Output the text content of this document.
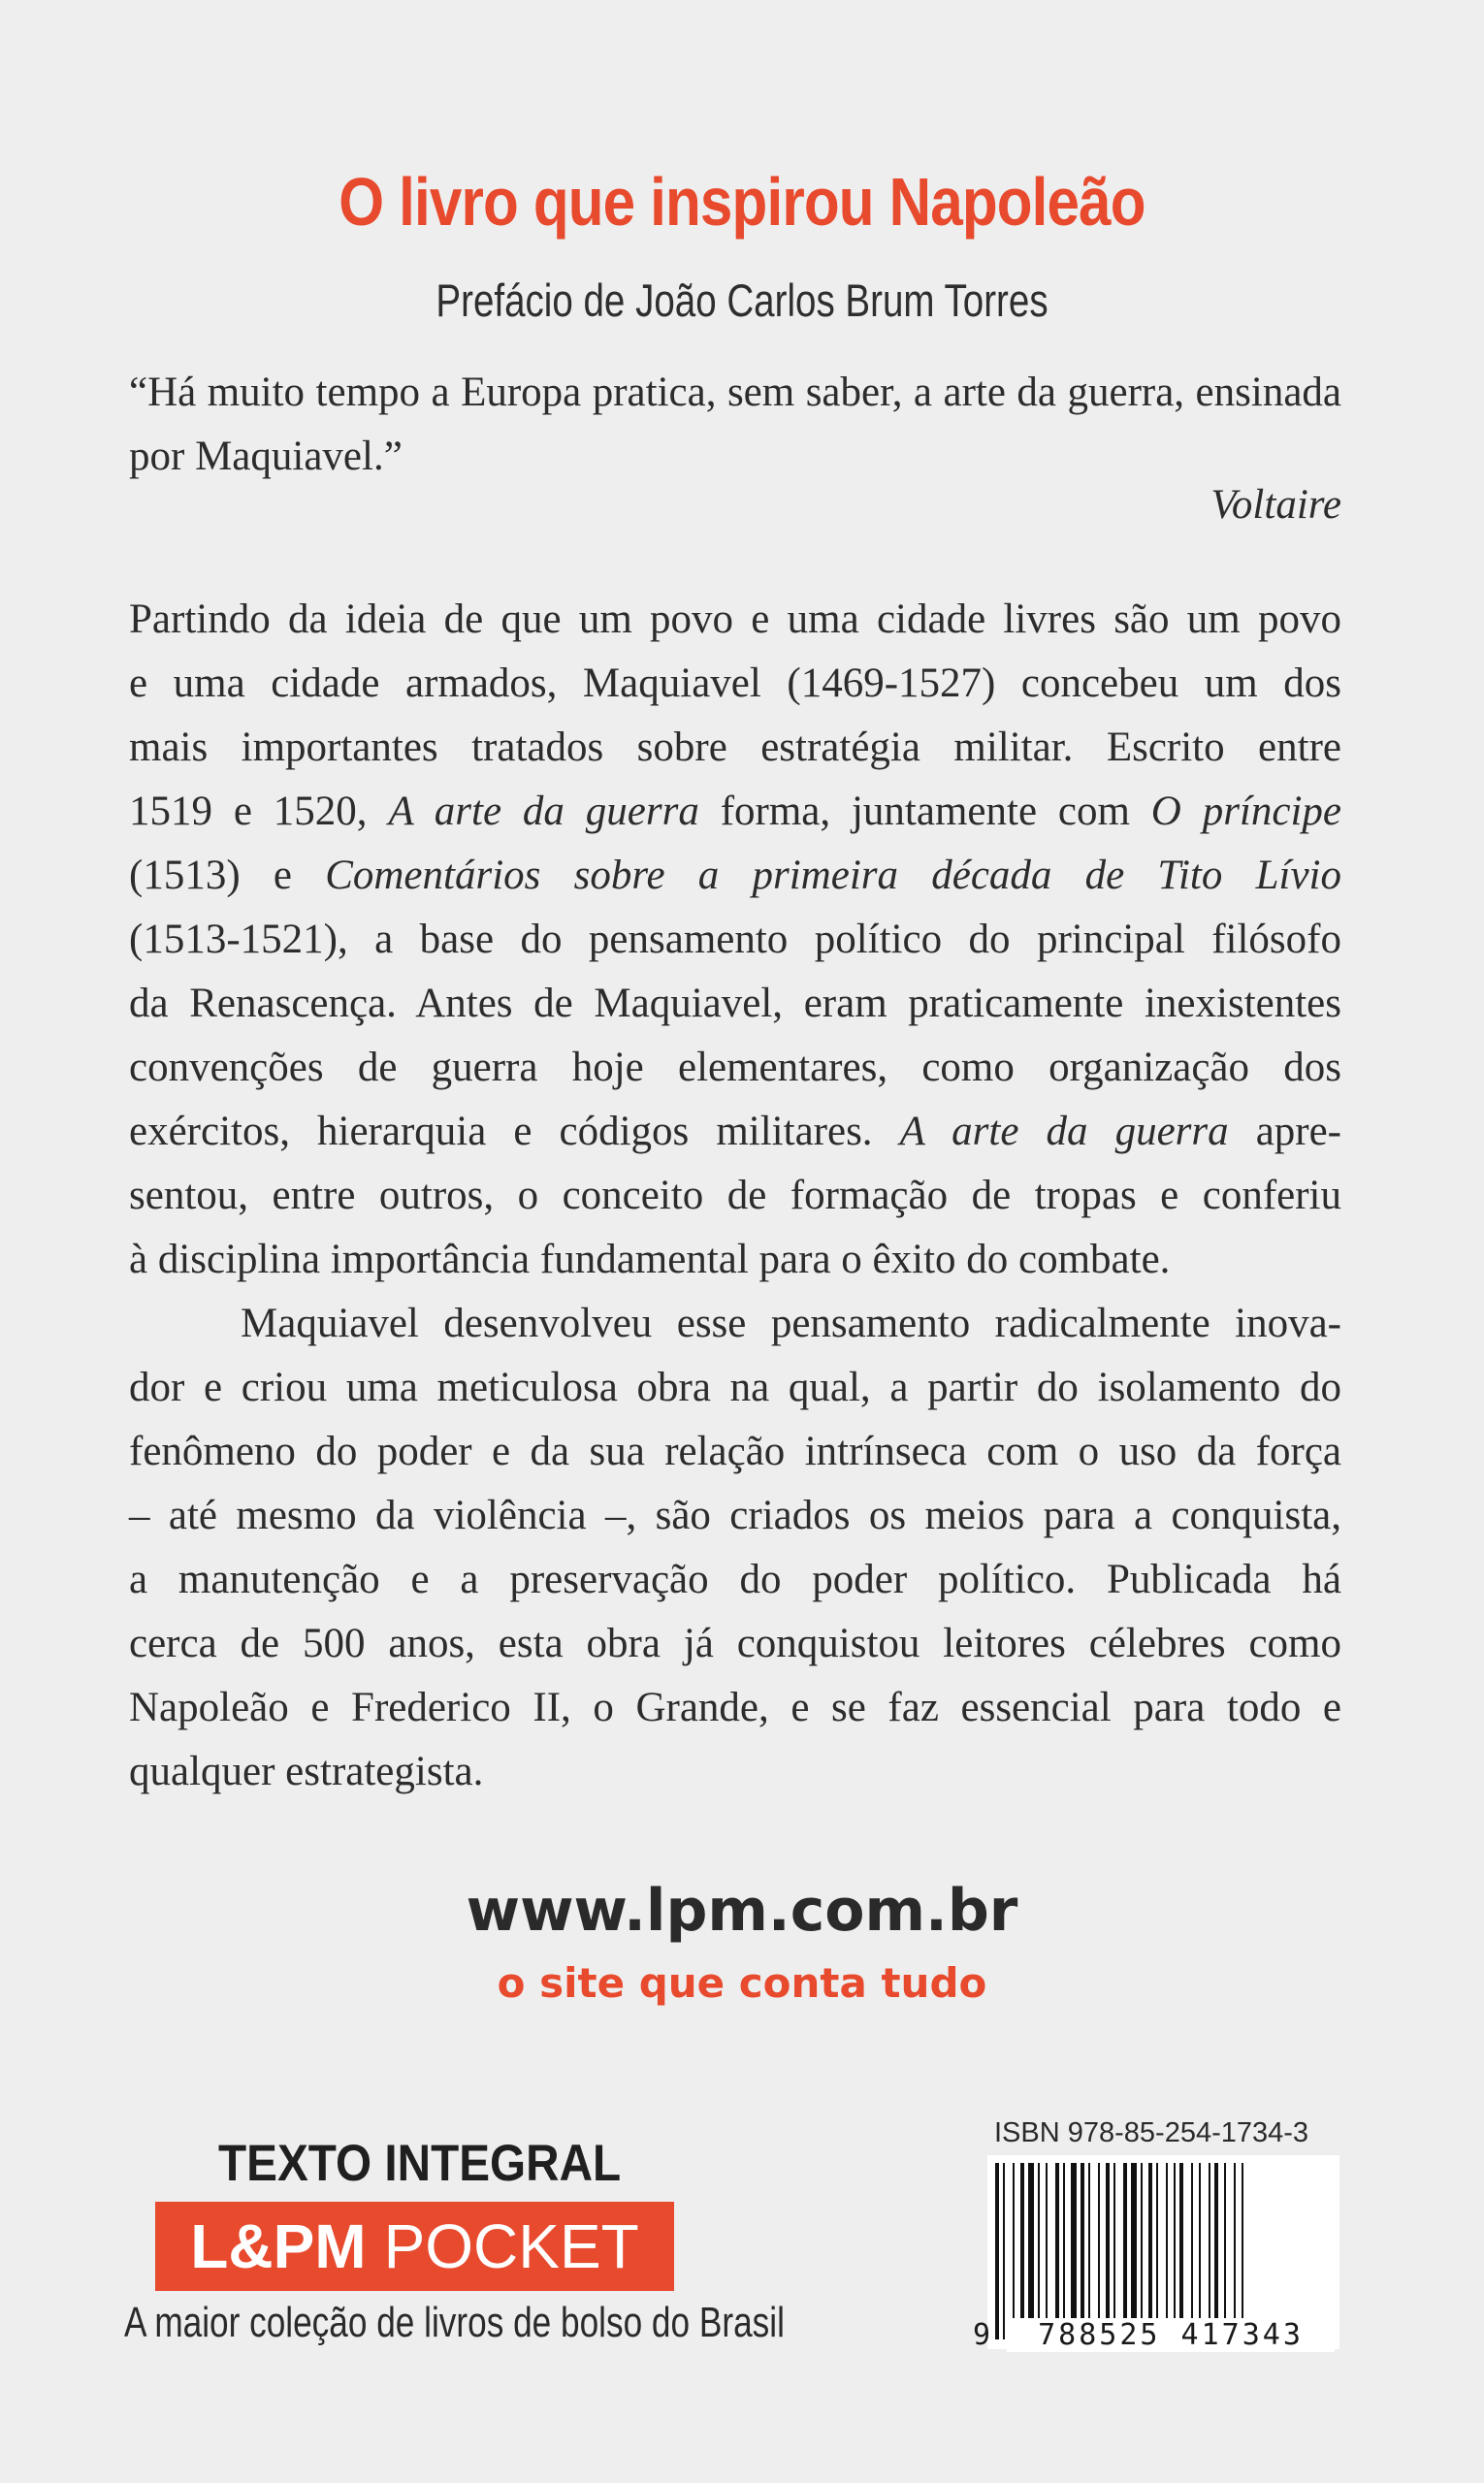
O livro que inspirou Napoleão
Prefácio de João Carlos Brum Torres
“Há muito tempo a Europa pratica, sem saber, a arte da guerra, ensinada por Maquiavel.”
Voltaire
Partindo da ideia de que um povo e uma cidade livres são um povo
e uma cidade armados, Maquiavel (1469-1527) concebeu um dos
mais importantes tratados sobre estratégia militar. Escrito entre
1519 e 1520, A arte da guerra forma, juntamente com O príncipe
(1513) e Comentários sobre a primeira década de Tito Lívio
(1513-1521), a base do pensamento político do principal filósofo
da Renascença. Antes de Maquiavel, eram praticamente inexistentes
convenções de guerra hoje elementares, como organização dos
exércitos, hierarquia e códigos militares. A arte da guerra apre-
sentou, entre outros, o conceito de formação de tropas e conferiu
à disciplina importância fundamental para o êxito do combate.
Maquiavel desenvolveu esse pensamento radicalmente inova-
dor e criou uma meticulosa obra na qual, a partir do isolamento do
fenômeno do poder e da sua relação intrínseca com o uso da força
– até mesmo da violência –, são criados os meios para a conquista,
a manutenção e a preservação do poder político. Publicada há
cerca de 500 anos, esta obra já conquistou leitores célebres como
Napoleão e Frederico II, o Grande, e se faz essencial para todo e
qualquer estrategista.
www.lpm.com.br
o site que conta tudo
TEXTO INTEGRAL
L&PM POCKET
A maior coleção de livros de bolso do Brasil
ISBN 978-85-254-1734-3
9	788525 417343
